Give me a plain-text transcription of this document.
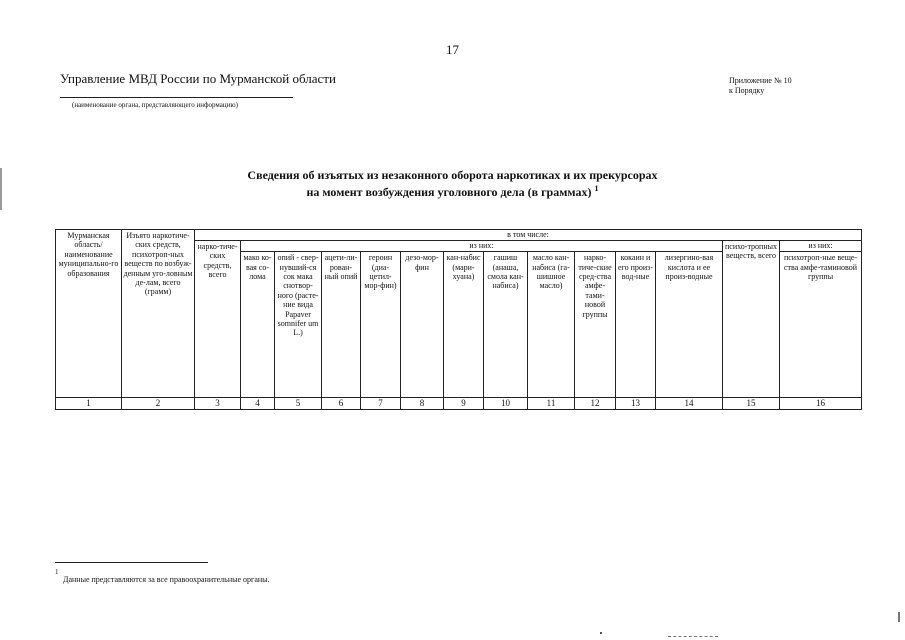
17
Управление МВД России по Мурманской области
(наименование органа, представляющего информацию)
Приложение № 10
к Порядку
Сведения об изъятых из незаконного оборота наркотиках и их прекурсорах
на момент возбуждения уголовного дела (в граммах) $^1$
Мурманская область/ наименование муниципально-го образования	Изъято наркотиче-ских средств, психотроп-ных веществ по возбуж-денным уго-ловным де-лам, всего (грамм)	в том числе:													
		нарко-тиче-ских средств, всего	из них:											психо-тропных веществ, всего	из них:
			мако ко-вая со-лома	опий - свер-нувший-ся сок мака снотвор-ного (расте-ние вида Papaver somnifer um L.)	ацети-ли-рован-ный опий	героин (диа-цетил-мор-фин)	дезо-мор-фин	кан-набис (мари-хуана)	гашиш (анаша, смола кан-набиса)	масло кан-набиса (га-шишное масло)	нарко-тиче-ские сред-ства амфе-тами-новой группы	кокаин и его произ-вод-ные	лизергино-вая кислота и ее произ-водные		психотроп-ные веще-ства амфе-таминовой группы
1	2	3	4	5	6	7	8	9	10	11	12	13	14	15	16
1
Данные представляются за все правоохранительные органы.
